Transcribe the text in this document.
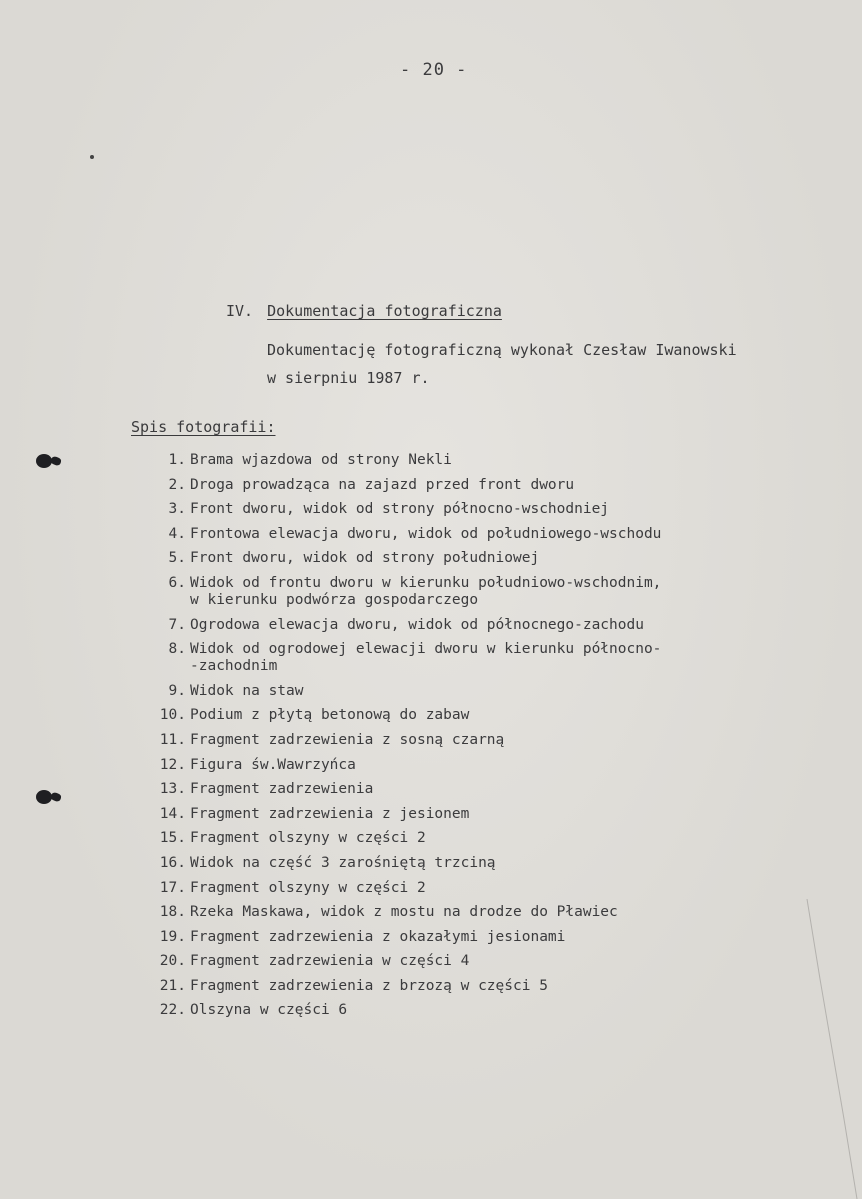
- 20 -
IV. Dokumentacja fotograficzna
Dokumentację fotograficzną wykonał Czesław Iwanowski
w sierpniu 1987 r.
Spis fotografii:
1. Brama wjazdowa od strony Nekli
2. Droga prowadząca na zajazd przed front dworu
3. Front dworu, widok od strony północno-wschodniej
4. Frontowa elewacja dworu, widok od południowego-wschodu
5. Front dworu, widok od strony południowej
6. Widok od frontu dworu w kierunku południowo-wschodnim,
w kierunku podwórza gospodarczego
7. Ogrodowa elewacja dworu, widok od północnego-zachodu
8. Widok od ogrodowej elewacji dworu w kierunku północno-
-zachodnim
9. Widok na staw
10. Podium z płytą betonową do zabaw
11. Fragment zadrzewienia z sosną czarną
12. Figura św.Wawrzyńca
13. Fragment zadrzewienia
14. Fragment zadrzewienia z jesionem
15. Fragment olszyny w części 2
16. Widok na część 3 zarośniętą trzciną
17. Fragment olszyny w części 2
18. Rzeka Maskawa, widok z mostu na drodze do Pławiec
19. Fragment zadrzewienia z okazałymi jesionami
20. Fragment zadrzewienia w części 4
21. Fragment zadrzewienia z brzozą w części 5
22. Olszyna w części 6
